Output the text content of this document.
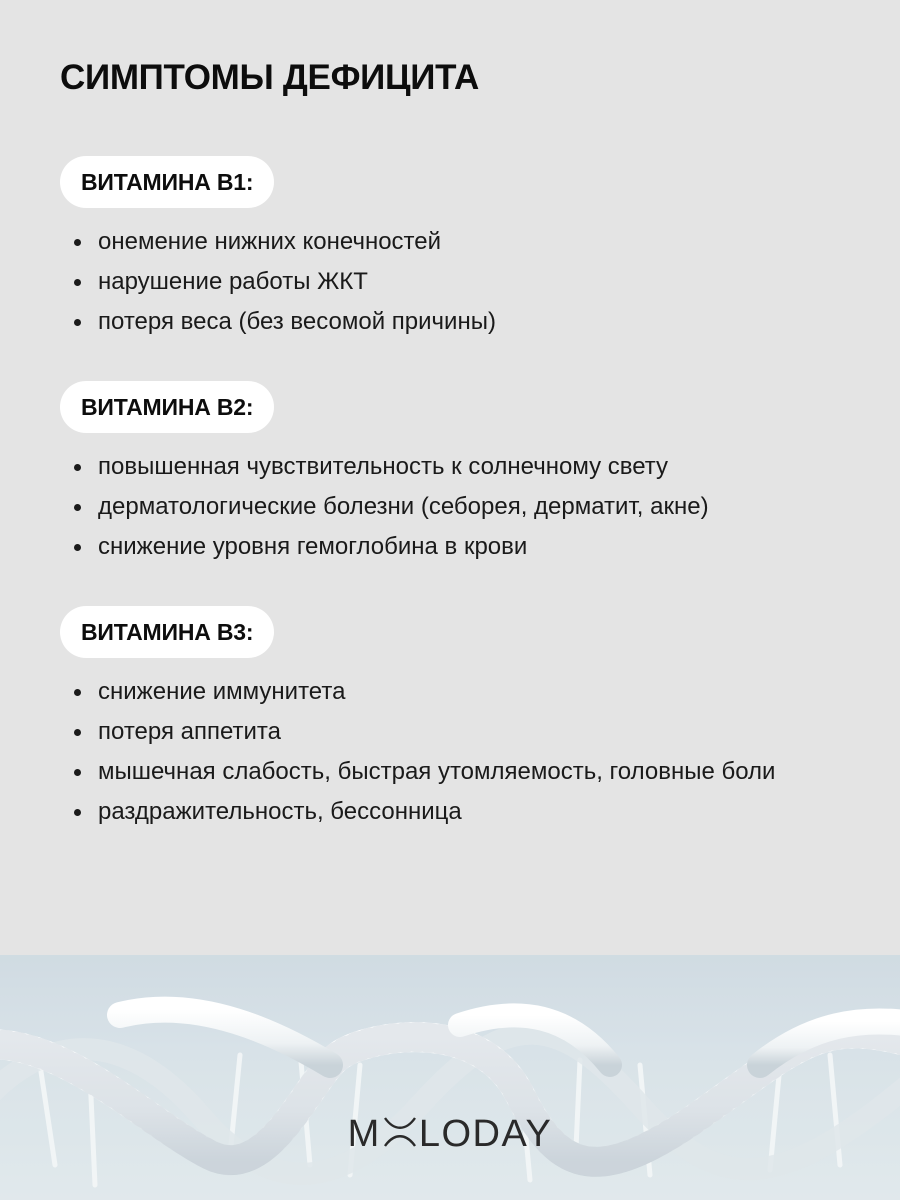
СИМПТОМЫ ДЕФИЦИТА
ВИТАМИНА В1:
онемение нижних конечностей
нарушение работы ЖКТ
потеря веса (без весомой причины)
ВИТАМИНА В2:
повышенная чувствительность к солнечному свету
дерматологические болезни (себорея, дерматит, акне)
снижение уровня гемоглобина в крови
ВИТАМИНА В3:
снижение иммунитета
потеря аппетита
мышечная слабость, быстрая утомляемость, головные боли
раздражительность, бессонница
M LODAY
